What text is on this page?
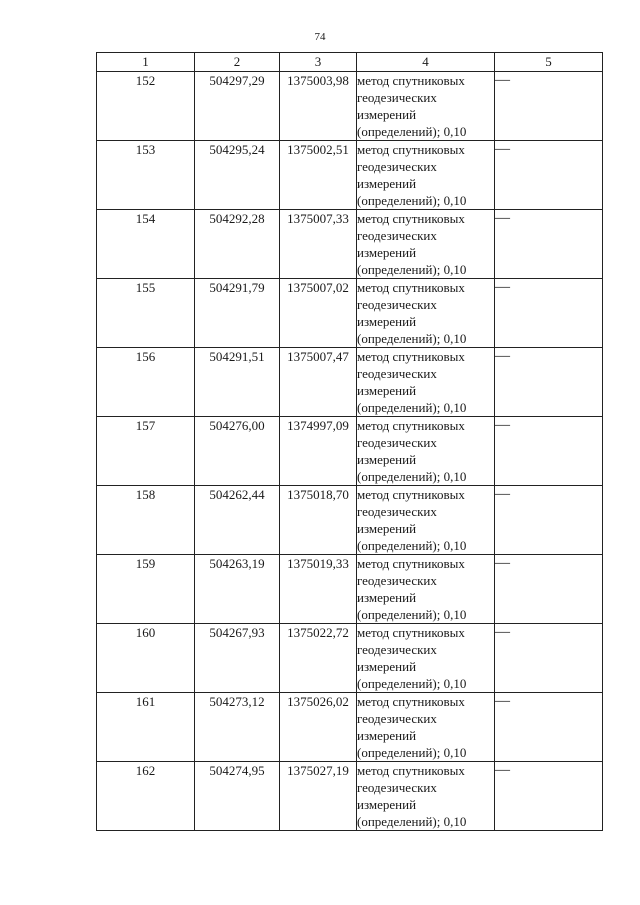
74
1	2	3	4	5
152	504297,29	1375003,98	метод спутниковых
геодезических
измерений
(определений); 0,10	—
153	504295,24	1375002,51	метод спутниковых
геодезических
измерений
(определений); 0,10	—
154	504292,28	1375007,33	метод спутниковых
геодезических
измерений
(определений); 0,10	—
155	504291,79	1375007,02	метод спутниковых
геодезических
измерений
(определений); 0,10	—
156	504291,51	1375007,47	метод спутниковых
геодезических
измерений
(определений); 0,10	—
157	504276,00	1374997,09	метод спутниковых
геодезических
измерений
(определений); 0,10	—
158	504262,44	1375018,70	метод спутниковых
геодезических
измерений
(определений); 0,10	—
159	504263,19	1375019,33	метод спутниковых
геодезических
измерений
(определений); 0,10	—
160	504267,93	1375022,72	метод спутниковых
геодезических
измерений
(определений); 0,10	—
161	504273,12	1375026,02	метод спутниковых
геодезических
измерений
(определений); 0,10	—
162	504274,95	1375027,19	метод спутниковых
геодезических
измерений
(определений); 0,10	—
